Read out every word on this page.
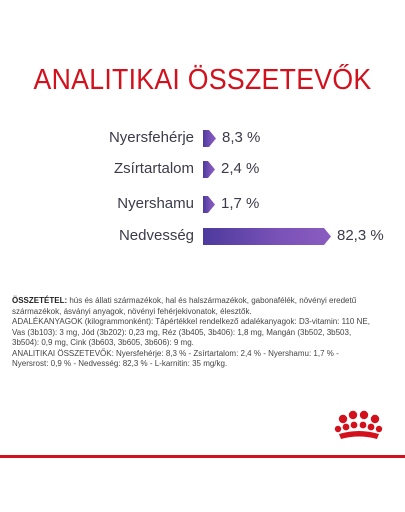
ANALITIKAI ÖSSZETEVŐK
Nyersfehérje 8,3 %
Zsírtartalom 2,4 %
Nyershamu 1,7 %
Nedvesség	82,3 %

ÖSSZETÉTEL: hús és állati származékok, hal és halszármazékok, gabonafélék, növényi eredetű származékok, ásványi anyagok, növényi fehérjekivonatok, élesztők.

ADALÉKANYAGOK (kilogrammonként): Tápértékkel rendelkező adalékanyagok: D3-vitamin: 110 NE, Vas (3b103): 3 mg, Jód (3b202): 0,23 mg, Réz (3b405, 3b406): 1,8 mg, Mangán (3b502, 3b503, 3b504): 0,9 mg, Cink (3b603, 3b605, 3b606): 9 mg.

ANALITIKAI ÖSSZETEVŐK: Nyersfehérje: 8,3 % - Zsírtartalom: 2,4 % - Nyershamu: 1,7 % - Nyersrost: 0,9 % - Nedvesség: 82,3 % - L-karnitin: 35 mg/kg.
